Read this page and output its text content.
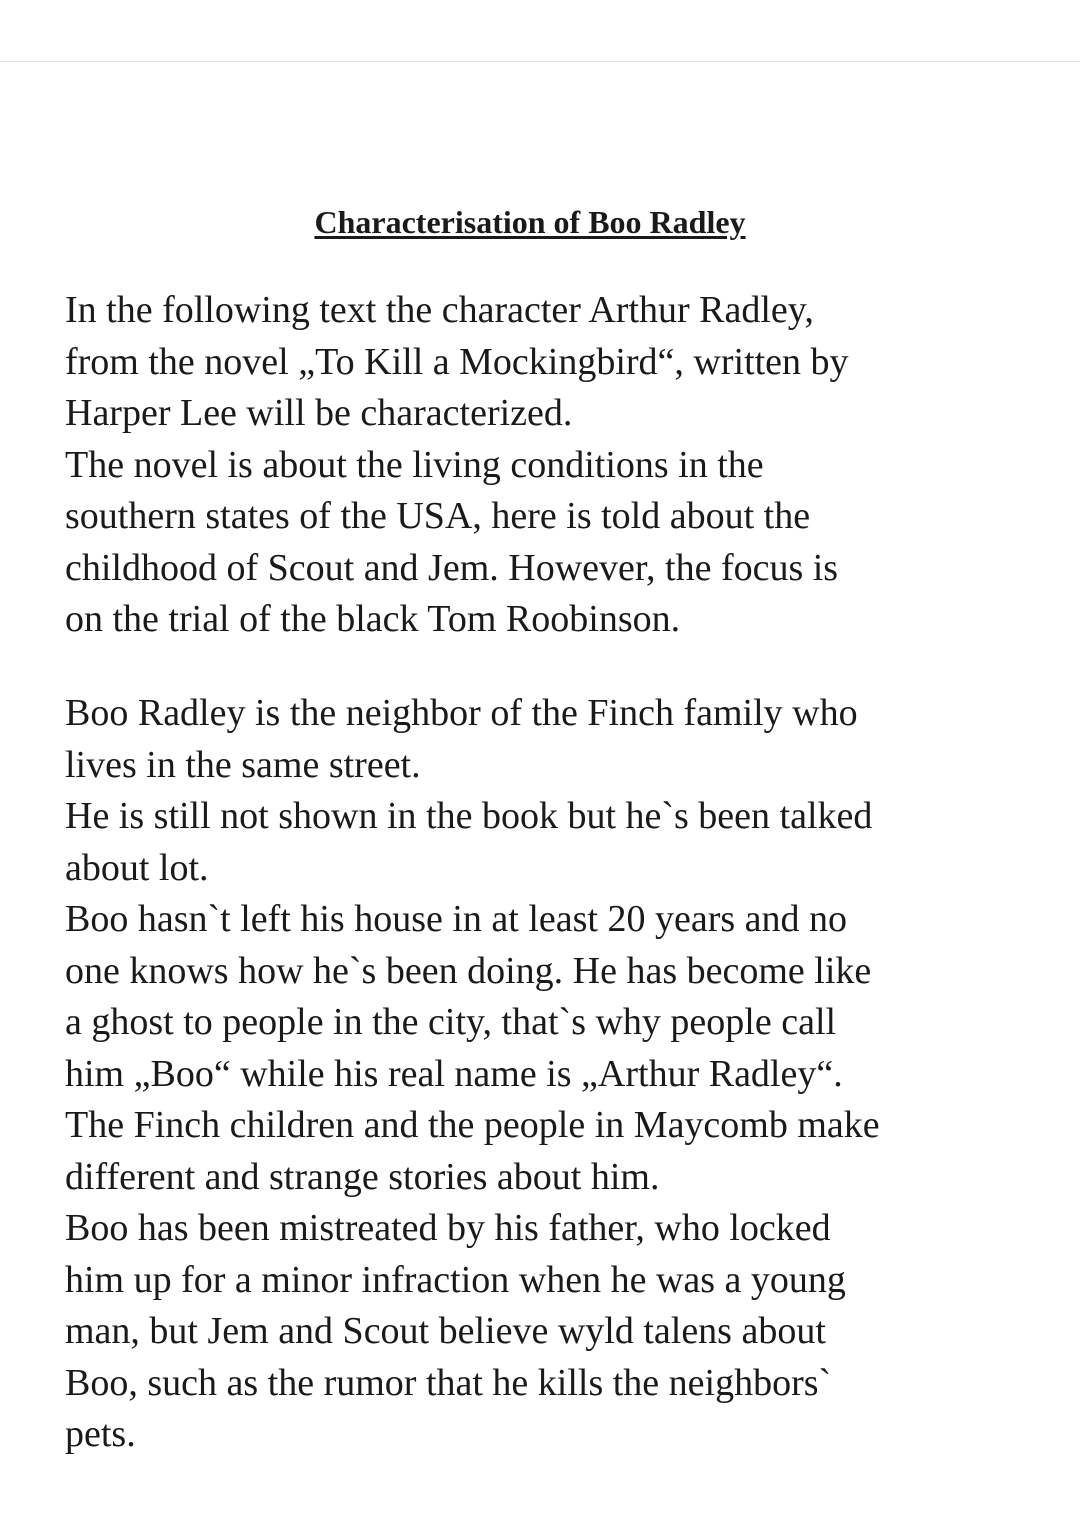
Characterisation of Boo Radley
In the following text the character Arthur Radley,
from the novel „To Kill a Mockingbird“, written by
Harper Lee will be characterized.
The novel is about the living conditions in the
southern states of the USA, here is told about the
childhood of Scout and Jem. However, the focus is
on the trial of the black Tom Roobinson.
Boo Radley is the neighbor of the Finch family who
lives in the same street.
He is still not shown in the book but he`s been talked
about lot.
Boo hasn`t left his house in at least 20 years and no
one knows how he`s been doing. He has become like
a ghost to people in the city, that`s why people call
him „Boo“ while his real name is „Arthur Radley“.
The Finch children and the people in Maycomb make
different and strange stories about him.
Boo has been mistreated by his father, who locked
him up for a minor infraction when he was a young
man, but Jem and Scout believe wyld talens about
Boo, such as the rumor that he kills the neighbors`
pets.
